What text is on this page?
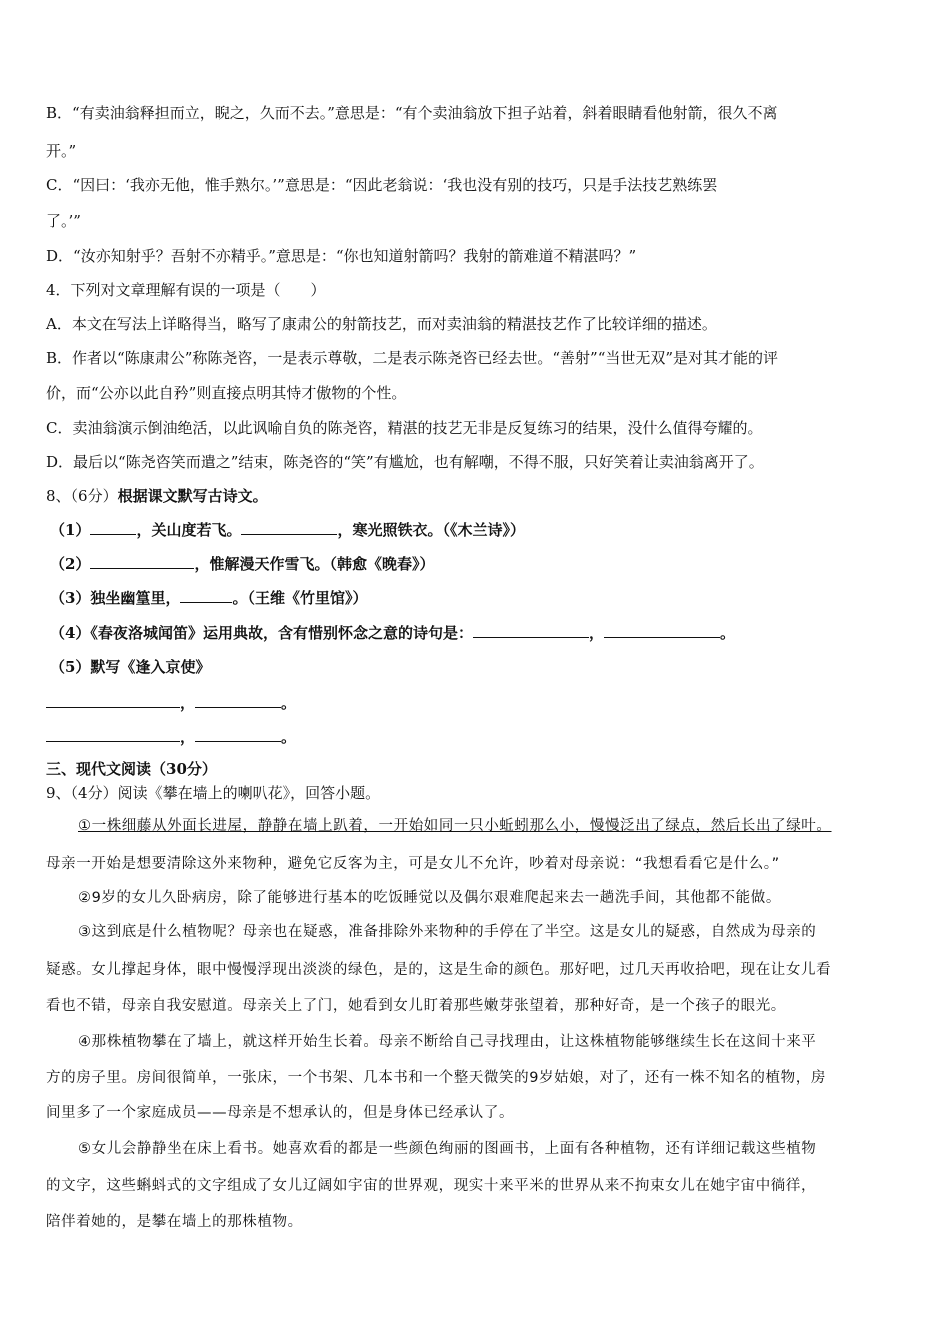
B．“有卖油翁释担而立，睨之，久而不去。”意思是：“有个卖油翁放下担子站着，斜着眼睛看他射箭，很久不离
开。”
C．“因曰：‘我亦无他，惟手熟尔。’”意思是：“因此老翁说：‘我也没有别的技巧，只是手法技艺熟练罢
了。’”
D．“汝亦知射乎？吾射不亦精乎。”意思是：“你也知道射箭吗？我射的箭难道不精湛吗？”
4．下列对文章理解有误的一项是（　　）
A．本文在写法上详略得当，略写了康肃公的射箭技艺，而对卖油翁的精湛技艺作了比较详细的描述。
B．作者以“陈康肃公”称陈尧咨，一是表示尊敬，二是表示陈尧咨已经去世。“善射”“当世无双”是对其才能的评
价，而“公亦以此自矜”则直接点明其恃才傲物的个性。
C．卖油翁演示倒油绝活，以此讽喻自负的陈尧咨，精湛的技艺无非是反复练习的结果，没什么值得夸耀的。
D．最后以“陈尧咨笑而遣之”结束，陈尧咨的“笑”有尴尬，也有解嘲，不得不服，只好笑着让卖油翁离开了。
8、（6分）根据课文默写古诗文。
（1）	，关山度若飞。	，寒光照铁衣。（《木兰诗》）
（2）	，惟解漫天作雪飞。（韩愈《晚春》）
（3）独坐幽篁里，	。（王维《竹里馆》）
（4）《春夜洛城闻笛》运用典故，含有惜别怀念之意的诗句是：	，	。
（5）默写《逢入京使》
，	。
，	。
三、现代文阅读（30分）
9、（4分）阅读《攀在墙上的喇叭花》，回答小题。
①一株细藤从外面长进屋，静静在墙上趴着，一开始如同一只小蚯蚓那么小，慢慢泛出了绿点，然后长出了绿叶。
母亲一开始是想要清除这外来物种，避免它反客为主，可是女儿不允许，吵着对母亲说：“我想看看它是什么。”
②9岁的女儿久卧病房，除了能够进行基本的吃饭睡觉以及偶尔艰难爬起来去一趟洗手间，其他都不能做。
③这到底是什么植物呢？母亲也在疑惑，准备排除外来物种的手停在了半空。这是女儿的疑惑，自然成为母亲的
疑惑。女儿撑起身体，眼中慢慢浮现出淡淡的绿色，是的，这是生命的颜色。那好吧，过几天再收拾吧，现在让女儿看
看也不错，母亲自我安慰道。母亲关上了门，她看到女儿盯着那些嫩芽张望着，那种好奇，是一个孩子的眼光。
④那株植物攀在了墙上，就这样开始生长着。母亲不断给自己寻找理由，让这株植物能够继续生长在这间十来平
方的房子里。房间很简单，一张床，一个书架、几本书和一个整天微笑的9岁姑娘，对了，还有一株不知名的植物，房
间里多了一个家庭成员——母亲是不想承认的，但是身体已经承认了。
⑤女儿会静静坐在床上看书。她喜欢看的都是一些颜色绚丽的图画书，上面有各种植物，还有详细记载这些植物
的文字，这些蝌蚪式的文字组成了女儿辽阔如宇宙的世界观，现实十来平米的世界从来不拘束女儿在她宇宙中徜徉，
陪伴着她的，是攀在墙上的那株植物。
